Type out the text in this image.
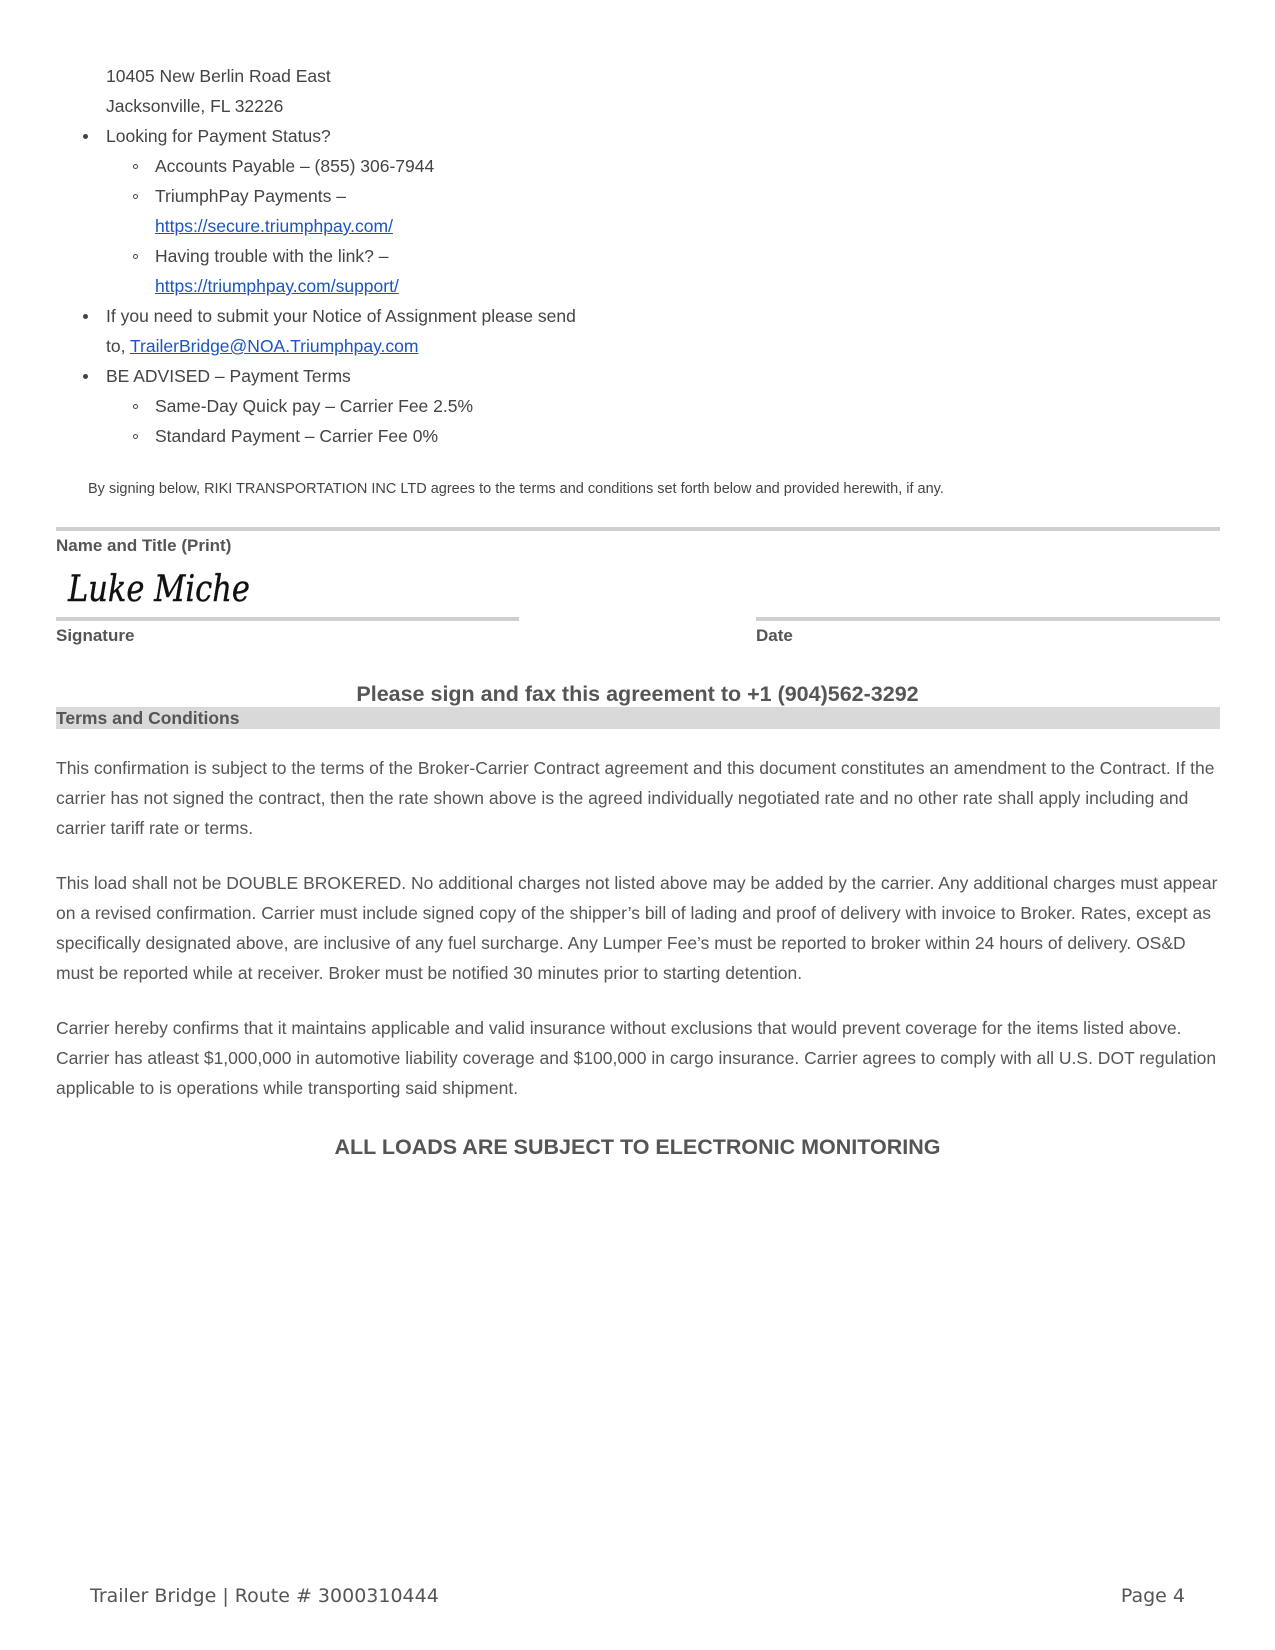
10405 New Berlin Road East
Jacksonville, FL 32226
Looking for Payment Status?
Accounts Payable – (855) 306-7944
TriumphPay Payments –
https://secure.triumphpay.com/
Having trouble with the link? –
https://triumphpay.com/support/
If you need to submit your Notice of Assignment please send
to, TrailerBridge@NOA.Triumphpay.com
BE ADVISED – Payment Terms
Same-Day Quick pay – Carrier Fee 2.5%
Standard Payment – Carrier Fee 0%
By signing below, RIKI TRANSPORTATION INC LTD agrees to the terms and conditions set forth below and provided herewith, if any.
Name and Title (Print)
Luke Miche
Signature	Date
Please sign and fax this agreement to +1 (904)562-3292
Terms and Conditions
This confirmation is subject to the terms of the Broker-Carrier Contract agreement and this document constitutes an amendment to the Contract. If the carrier has not signed the contract, then the rate shown above is the agreed individually negotiated rate and no other rate shall apply including and carrier tariff rate or terms.
This load shall not be DOUBLE BROKERED. No additional charges not listed above may be added by the carrier. Any additional charges must appear on a revised confirmation. Carrier must include signed copy of the shipper’s bill of lading and proof of delivery with invoice to Broker. Rates, except as specifically designated above, are inclusive of any fuel surcharge. Any Lumper Fee’s must be reported to broker within 24 hours of delivery. OS&D must be reported while at receiver. Broker must be notified 30 minutes prior to starting detention.
Carrier hereby confirms that it maintains applicable and valid insurance without exclusions that would prevent coverage for the items listed above. Carrier has atleast $1,000,000 in automotive liability coverage and $100,000 in cargo insurance. Carrier agrees to comply with all U.S. DOT regulation applicable to is operations while transporting said shipment.
ALL LOADS ARE SUBJECT TO ELECTRONIC MONITORING
Trailer Bridge | Route # 3000310444	Page 4
